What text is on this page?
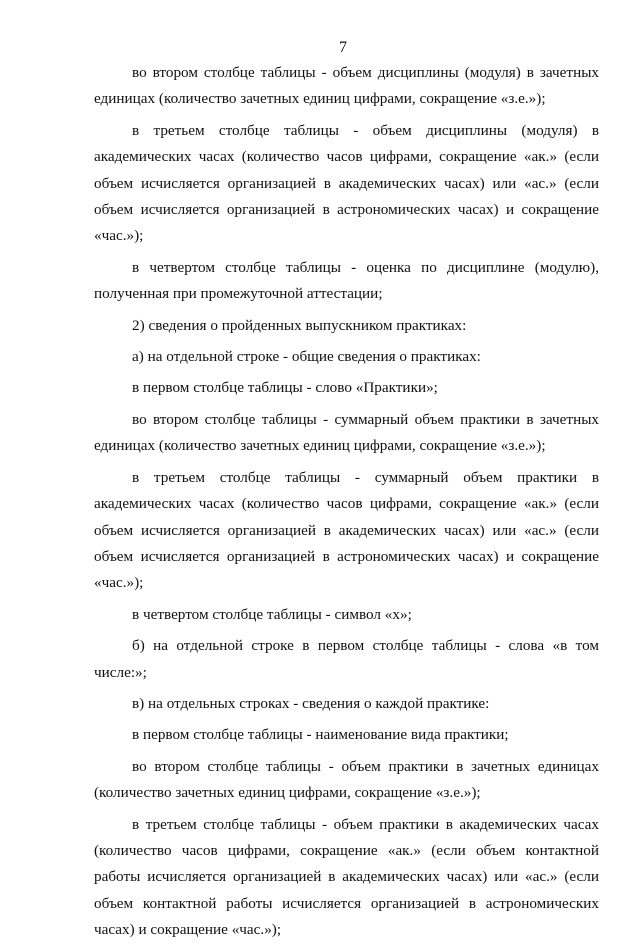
7

во втором столбце таблицы - объем дисциплины (модуля) в зачетных единицах (количество зачетных единиц цифрами, сокращение «з.е.»);

в третьем столбце таблицы - объем дисциплины (модуля) в академических часах (количество часов цифрами, сокращение «ак.» (если объем исчисляется организацией в академических часах) или «ас.» (если объем исчисляется организацией в астрономических часах) и сокращение «час.»);

в четвертом столбце таблицы - оценка по дисциплине (модулю), полученная при промежуточной аттестации;

2) сведения о пройденных выпускником практиках:

а) на отдельной строке - общие сведения о практиках:

в первом столбце таблицы - слово «Практики»;

во втором столбце таблицы - суммарный объем практики в зачетных единицах (количество зачетных единиц цифрами, сокращение «з.е.»);

в третьем столбце таблицы - суммарный объем практики в академических часах (количество часов цифрами, сокращение «ак.» (если объем исчисляется организацией в академических часах) или «ас.» (если объем исчисляется организацией в астрономических часах) и сокращение «час.»);

в четвертом столбце таблицы - символ «х»;

б) на отдельной строке в первом столбце таблицы - слова «в том числе:»;

в) на отдельных строках - сведения о каждой практике:

в первом столбце таблицы - наименование вида практики;

во втором столбце таблицы - объем практики в зачетных единицах (количество зачетных единиц цифрами, сокращение «з.е.»);

в третьем столбце таблицы - объем практики в академических часах (количество часов цифрами, сокращение «ак.» (если объем контактной работы исчисляется организацией в академических часах) или «ас.» (если объем контактной работы исчисляется организацией в астрономических часах) и сокращение «час.»);
